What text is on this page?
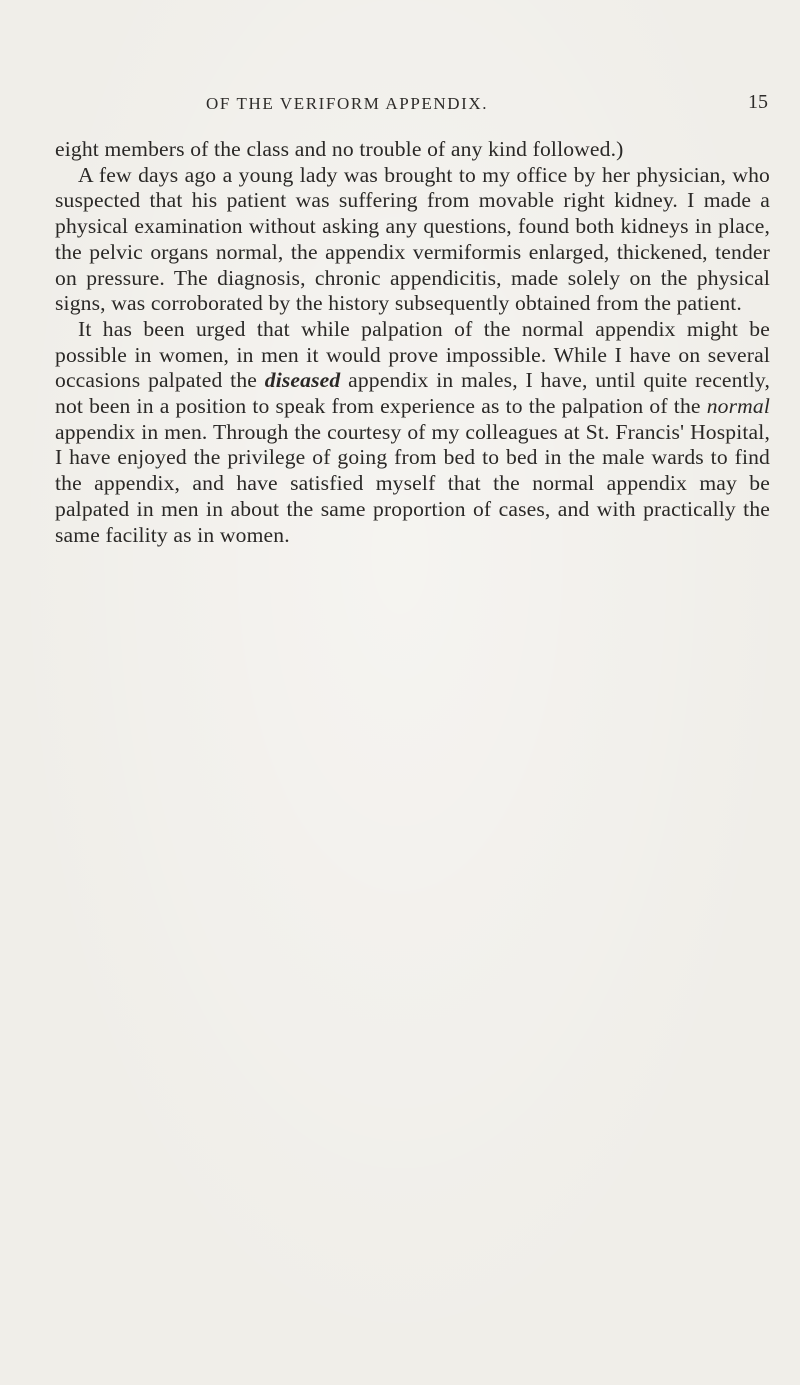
OF THE VERIFORM APPENDIX.	15

eight members of the class and no trouble of any kind followed.)

A few days ago a young lady was brought to my office by her physician, who suspected that his patient was suffering from movable right kidney. I made a physical examination without asking any questions, found both kidneys in place, the pelvic organs normal, the appendix vermiformis enlarged, thickened, tender on pressure. The diagnosis, chronic appendicitis, made solely on the physical signs, was corroborated by the history subsequently obtained from the patient.

It has been urged that while palpation of the normal appendix might be possible in women, in men it would prove impossible. While I have on several occasions palpated the diseased appendix in males, I have, until quite recently, not been in a position to speak from experience as to the palpation of the normal appendix in men. Through the courtesy of my colleagues at St. Francis' Hospital, I have enjoyed the privilege of going from bed to bed in the male wards to find the appendix, and have satisfied myself that the normal appendix may be palpated in men in about the same proportion of cases, and with practically the same facility as in women.
